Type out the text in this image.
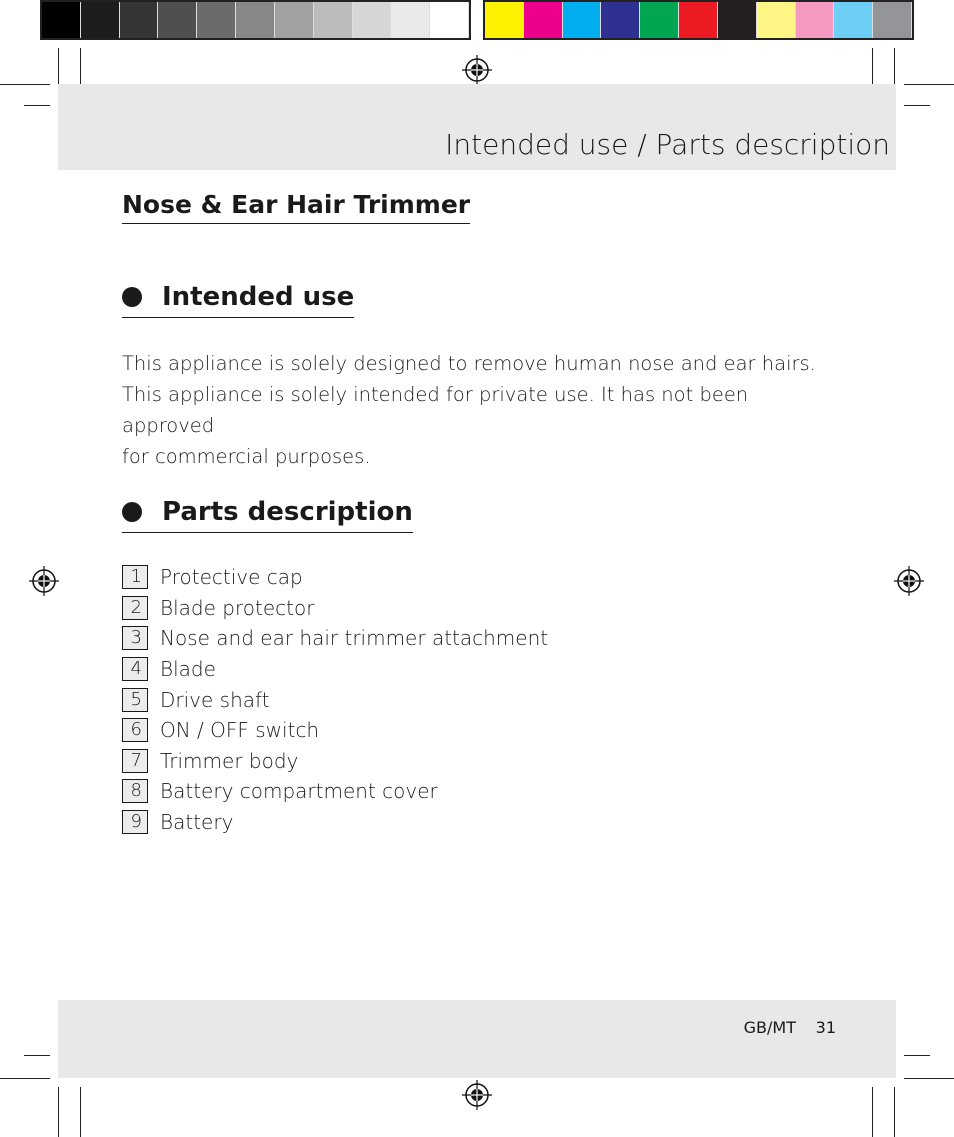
Intended use / Parts description
Nose & Ear Hair Trimmer
Intended use
This appliance is solely designed to remove human nose and ear hairs.
This appliance is solely intended for private use. It has not been approved
for commercial purposes.
Parts description
1 Protective cap
2 Blade protector
3 Nose and ear hair trimmer attachment
4 Blade
5 Drive shaft
6 ON / OFF switch
7 Trimmer body
8 Battery compartment cover
9 Battery
GB/MT 31
